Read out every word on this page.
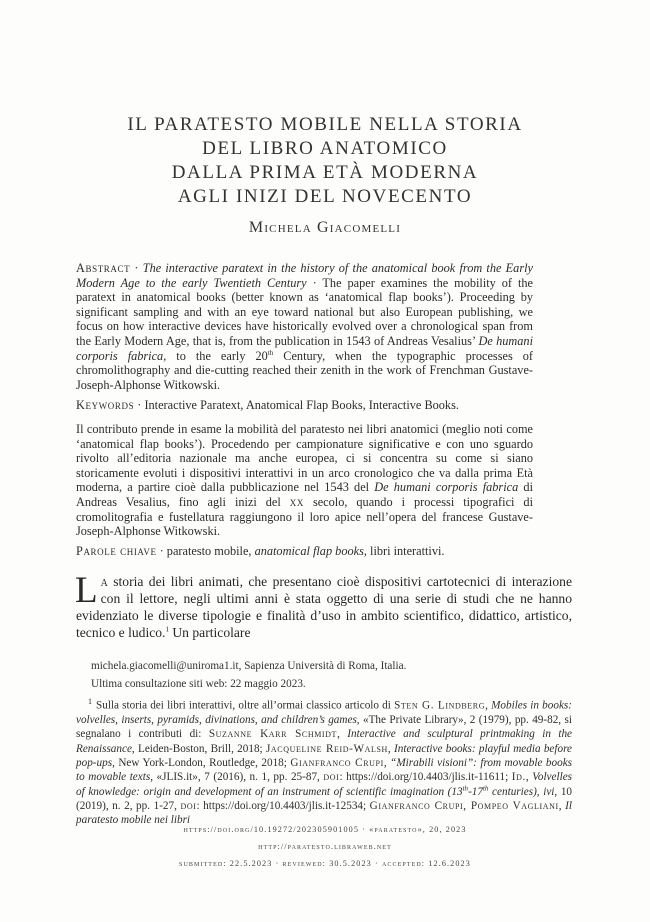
IL PARATESTO MOBILE NELLA STORIA
DEL LIBRO ANATOMICO
DALLA PRIMA ETÀ MODERNA
AGLI INIZI DEL NOVECENTO
Michela Giacomelli
Abstract · The interactive paratext in the history of the anatomical book from the Early Modern Age to the early Twentieth Century · The paper examines the mobility of the paratext in anatomical books (better known as ‘anatomical flap books’). Proceeding by significant sampling and with an eye toward national but also European publishing, we focus on how interactive devices have historically evolved over a chronological span from the Early Modern Age, that is, from the publication in 1543 of Andreas Vesalius’ De humani corporis fabrica, to the early 20th Century, when the typographic processes of chromolithography and die-cutting reached their zenith in the work of Frenchman Gustave-Joseph-Alphonse Witkowski.
Keywords · Interactive Paratext, Anatomical Flap Books, Interactive Books.
Il contributo prende in esame la mobilità del paratesto nei libri anatomici (meglio noti come ‘anatomical flap books’). Procedendo per campionature significative e con uno sguardo rivolto all’editoria nazionale ma anche europea, ci si concentra su come si siano storicamente evoluti i dispositivi interattivi in un arco cronologico che va dalla prima Età moderna, a partire cioè dalla pubblicazione nel 1543 del De humani corporis fabrica di Andreas Vesalius, fino agli inizi del xx secolo, quando i processi tipografici di cromolitografia e fustellatura raggiungono il loro apice nell’opera del francese Gustave-Joseph-Alphonse Witkowski.
Parole chiave · paratesto mobile, anatomical flap books, libri interattivi.
La storia dei libri animati, che presentano cioè dispositivi cartotecnici di interazione con il lettore, negli ultimi anni è stata oggetto di una serie di studi che ne hanno evidenziato le diverse tipologie e finalità d’uso in ambito scientifico, didattico, artistico, tecnico e ludico.$^1$ Un particolare
michela.giacomelli@uniroma1.it, Sapienza Università di Roma, Italia.
Ultima consultazione siti web: 22 maggio 2023.
$^1$ Sulla storia dei libri interattivi, oltre all’ormai classico articolo di Sten G. Lindberg, Mobiles in books: volvelles, inserts, pyramids, divinations, and children’s games, «The Private Library», 2 (1979), pp. 49-82, si segnalano i contributi di: Suzanne Karr Schmidt, Interactive and sculptural printmaking in the Renaissance, Leiden-Boston, Brill, 2018; Jacqueline Reid-Walsh, Interactive books: playful media before pop-ups, New York-London, Routledge, 2018; Gianfranco Crupi, “Mirabili visioni”: from movable books to movable texts, «JLIS.it», 7 (2016), n. 1, pp. 25-87, doi: https://doi.org/10.4403/jlis.it-11611; Id., Volvelles of knowledge: origin and development of an instrument of scientific imagination (13th-17th centuries), ivi, 10 (2019), n. 2, pp. 1-27, doi: https://doi.org/10.4403/jlis.it-12534; Gianfranco Crupi, Pompeo Vagliani, Il paratesto mobile nei libri
https://doi.org/10.19272/202305901005 · «paratesto», 20, 2023
http://paratesto.libraweb.net
submitted: 22.5.2023 · reviewed: 30.5.2023 · accepted: 12.6.2023
